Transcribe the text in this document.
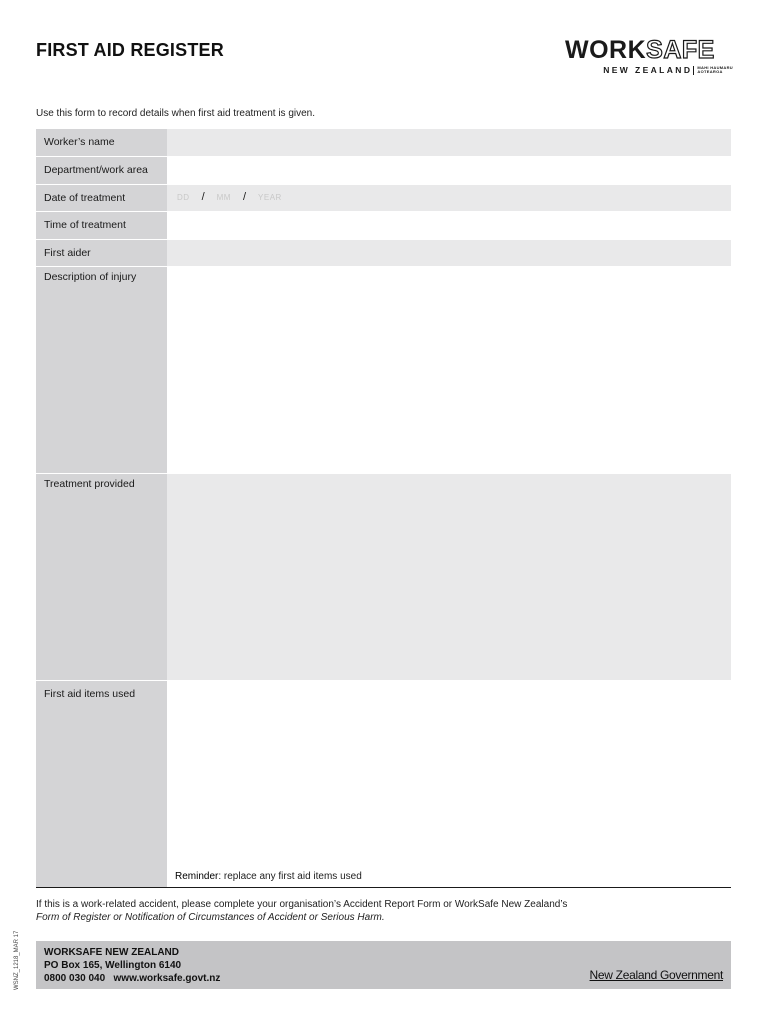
FIRST AID REGISTER	WORKSAFE
NEW ZEALAND MAHI HAUMARU
AOTEAROA
Use this form to record details when first aid treatment is given.
Worker’s name
Department/work area
Date of treatment	DD / MM / YEAR
Time of treatment
First aider
Description of injury
Treatment provided
First aid items used
Reminder: replace any first aid items used
If this is a work-related accident, please complete your organisation’s Accident Report Form or WorkSafe New Zealand’s
Form of Register or Notification of Circumstances of Accident or Serious Harm.
WSNZ_1218_MAR 17 WORKSAFE NEW ZEALAND
PO Box 165, Wellington 6140
0800 030 040 www.worksafe.govt.nz	New Zealand Government
